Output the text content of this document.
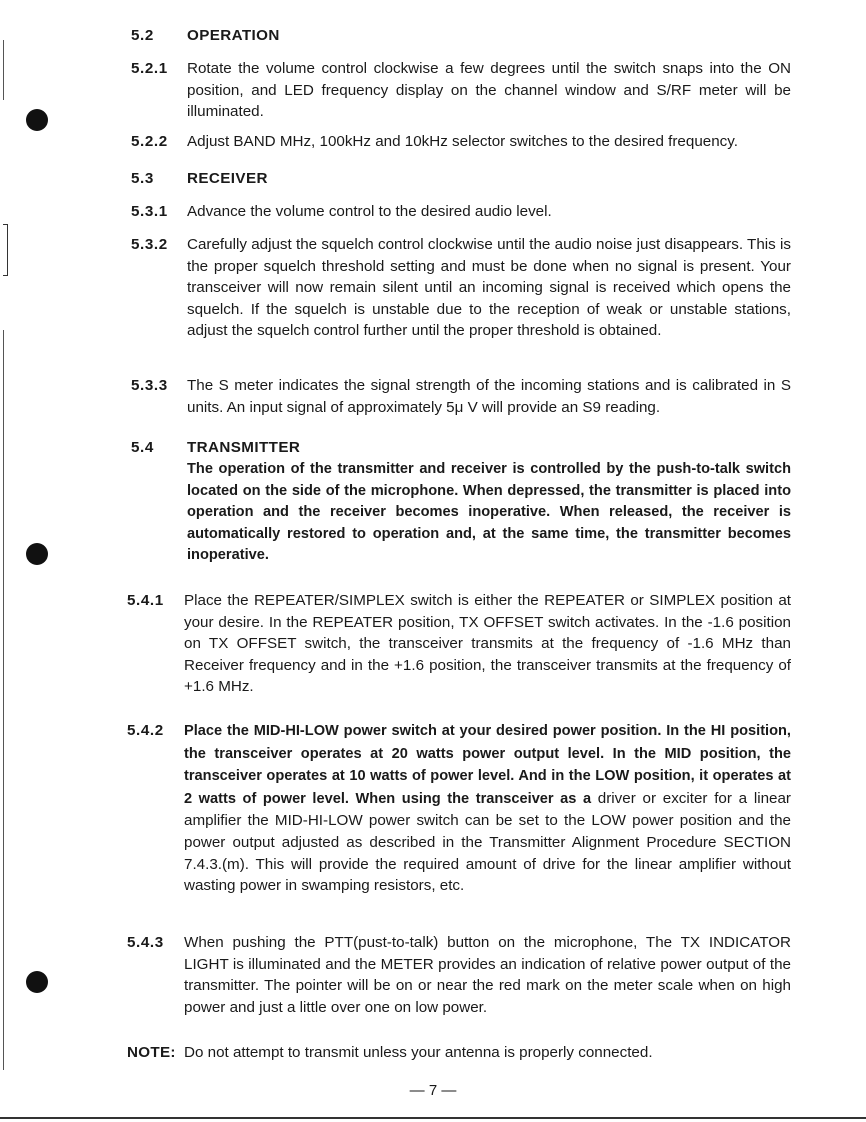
5.2 OPERATION
5.2.1 Rotate the volume control clockwise a few degrees until the switch snaps into the ON position, and LED frequency display on the channel window and S/RF meter will be illuminated.
5.2.2 Adjust BAND MHz, 100kHz and 10kHz selector switches to the desired frequency.
5.3 RECEIVER
5.3.1 Advance the volume control to the desired audio level.
5.3.2 Carefully adjust the squelch control clockwise until the audio noise just disappears. This is the proper squelch threshold setting and must be done when no signal is present. Your transceiver will now remain silent until an incoming signal is received which opens the squelch. If the squelch is unstable due to the reception of weak or unstable stations, adjust the squelch control further until the proper threshold is obtained.
5.3.3 The S meter indicates the signal strength of the incoming stations and is calibrated in S units. An input signal of approximately 5μ V will provide an S9 reading.
5.4 TRANSMITTER
The operation of the transmitter and receiver is controlled by the push-to-talk switch located on the side of the microphone. When depressed, the transmitter is placed into operation and the receiver becomes inoperative. When released, the receiver is automatically restored to operation and, at the same time, the transmitter becomes inoperative.
5.4.1 Place the REPEATER/SIMPLEX switch is either the REPEATER or SIMPLEX position at your desire. In the REPEATER position, TX OFFSET switch activates. In the -1.6 position on TX OFFSET switch, the transceiver transmits at the frequency of -1.6 MHz than Receiver frequency and in the +1.6 position, the transceiver transmits at the frequency of +1.6 MHz.
5.4.2 Place the MID-HI-LOW power switch at your desired power position. In the HI position, the transceiver operates at 20 watts power output level. In the MID position, the transceiver operates at 10 watts of power level. And in the LOW position, it operates at 2 watts of power level. When using the transceiver as a driver or exciter for a linear amplifier the MID-HI-LOW power switch can be set to the LOW power position and the power output adjusted as described in the Transmitter Alignment Procedure SECTION 7.4.3.(m). This will provide the required amount of drive for the linear amplifier without wasting power in swamping resistors, etc.
5.4.3 When pushing the PTT(pust-to-talk) button on the microphone, The TX INDICATOR LIGHT is illuminated and the METER provides an indication of relative power output of the transmitter. The pointer will be on or near the red mark on the meter scale when on high power and just a little over one on low power.
NOTE: Do not attempt to transmit unless your antenna is properly connected.
— 7 —
